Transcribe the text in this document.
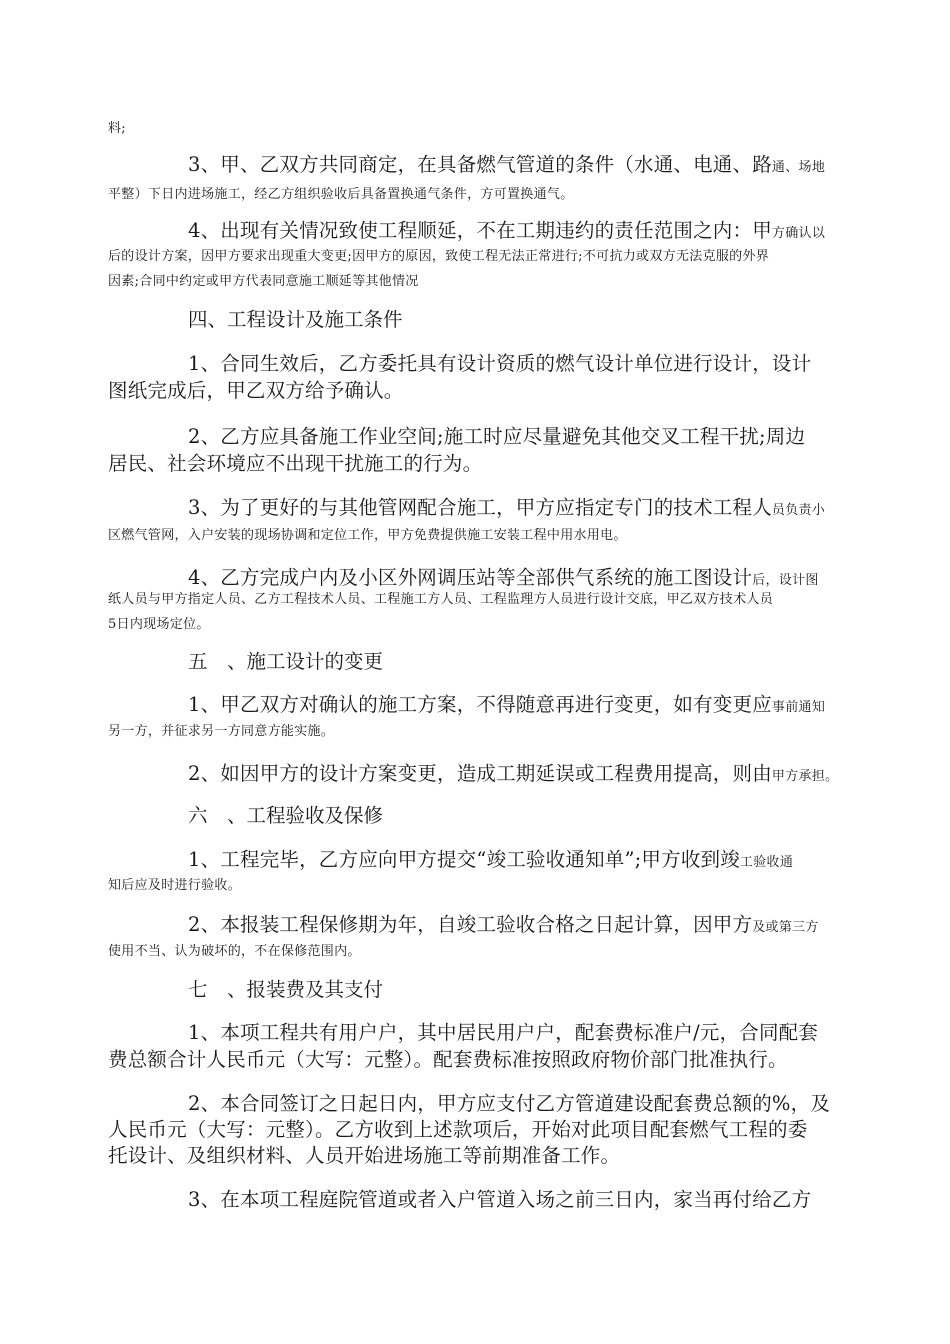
料;
3、甲、乙双方共同商定，在具备燃气管道的条件（水通、电通、路通、场地
平整）下日内进场施工，经乙方组织验收后具备置换通气条件，方可置换通气。
4、出现有关情况致使工程顺延，不在工期违约的责任范围之内：甲方确认以
后的设计方案，因甲方要求出现重大变更;因甲方的原因，致使工程无法正常进行;不可抗力或双方无法克服的外界
因素;合同中约定或甲方代表同意施工顺延等其他情况
四、工程设计及施工条件
1、合同生效后，乙方委托具有设计资质的燃气设计单位进行设计，设计
图纸完成后，甲乙双方给予确认。
2、乙方应具备施工作业空间;施工时应尽量避免其他交叉工程干扰;周边
居民、社会环境应不出现干扰施工的行为。
3、为了更好的与其他管网配合施工，甲方应指定专门的技术工程人员负责小
区燃气管网，入户安装的现场协调和定位工作，甲方免费提供施工安装工程中用水用电。
4、乙方完成户内及小区外网调压站等全部供气系统的施工图设计后，设计图
纸人员与甲方指定人员、乙方工程技术人员、工程施工方人员、工程监理方人员进行设计交底，甲乙双方技术人员
5日内现场定位。
五　、施工设计的变更
1、甲乙双方对确认的施工方案，不得随意再进行变更，如有变更应事前通知
另一方，并征求另一方同意方能实施。
2、如因甲方的设计方案变更，造成工期延误或工程费用提高，则由甲方承担。
六　、工程验收及保修
1、工程完毕，乙方应向甲方提交“竣工验收通知单”;甲方收到竣工验收通
知后应及时进行验收。
2、本报装工程保修期为年，自竣工验收合格之日起计算，因甲方及或第三方
使用不当、认为破坏的，不在保修范围内。
七　、报装费及其支付
1、本项工程共有用户户，其中居民用户户，配套费标准户/元，合同配套
费总额合计人民币元（大写：元整）。配套费标准按照政府物价部门批准执行。
2、本合同签订之日起日内，甲方应支付乙方管道建设配套费总额的%，及
人民币元（大写：元整）。乙方收到上述款项后，开始对此项目配套燃气工程的委
托设计、及组织材料、人员开始进场施工等前期准备工作。
3、在本项工程庭院管道或者入户管道入场之前三日内，家当再付给乙方
